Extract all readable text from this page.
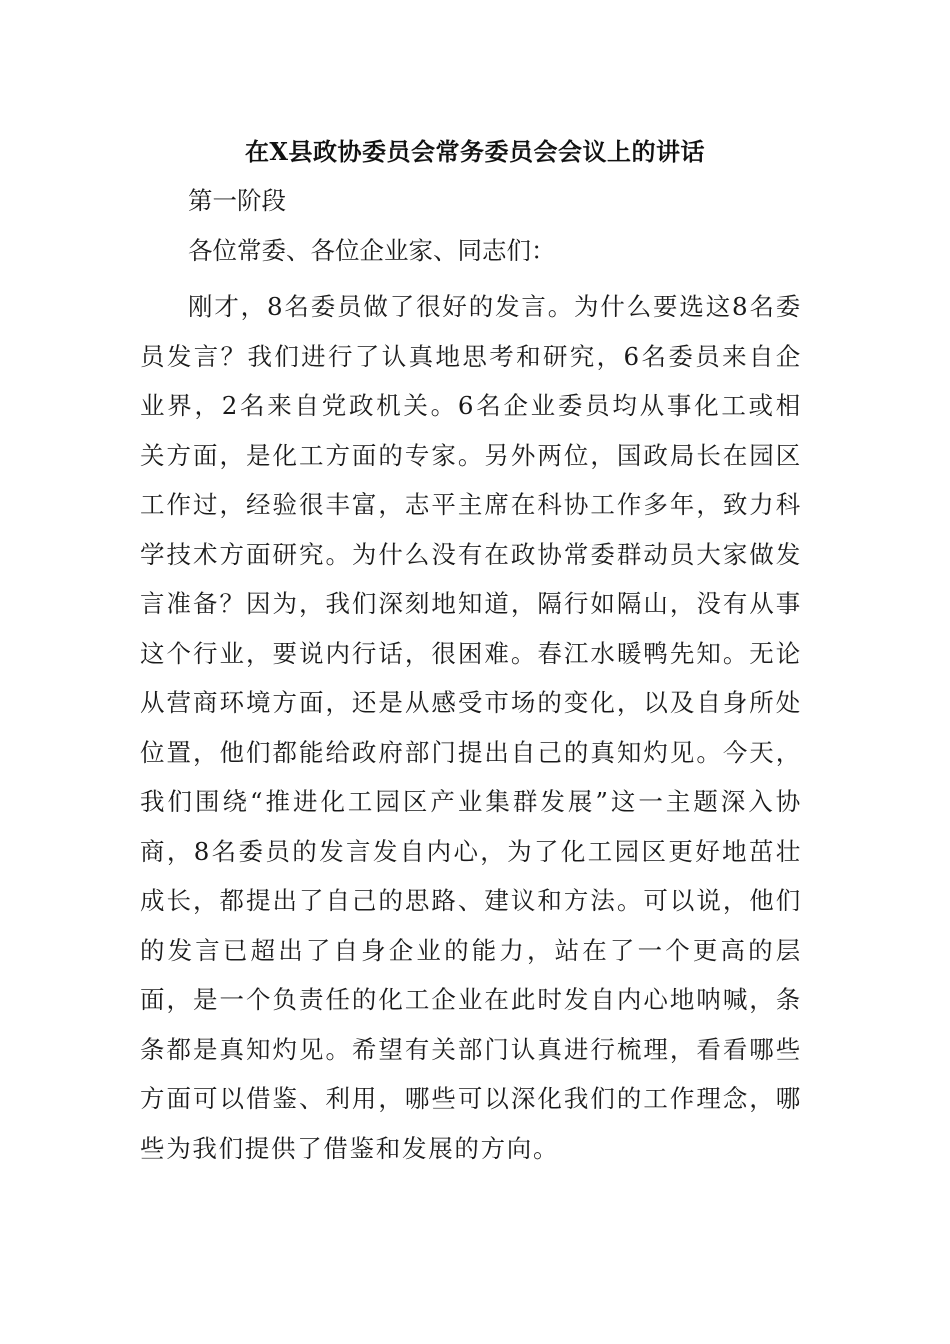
在X县政协委员会常务委员会会议上的讲话
第一阶段
各位常委、各位企业家、同志们：

刚才，8名委员做了很好的发言。为什么要选这8名委员发言？我们进行了认真地思考和研究，6名委员来自企业界，2名来自党政机关。6名企业委员均从事化工或相关方面，是化工方面的专家。另外两位，国政局长在园区工作过，经验很丰富，志平主席在科协工作多年，致力科学技术方面研究。为什么没有在政协常委群动员大家做发言准备？因为，我们深刻地知道，隔行如隔山，没有从事这个行业，要说内行话，很困难。春江水暖鸭先知。无论从营商环境方面，还是从感受市场的变化，以及自身所处位置，他们都能给政府部门提出自己的真知灼见。今天，我们围绕“推进化工园区产业集群发展”这一主题深入协商，8名委员的发言发自内心，为了化工园区更好地茁壮成长，都提出了自己的思路、建议和方法。可以说，他们的发言已超出了自身企业的能力，站在了一个更高的层面，是一个负责任的化工企业在此时发自内心地呐喊，条条都是真知灼见。希望有关部门认真进行梳理，看看哪些方面可以借鉴、利用，哪些可以深化我们的工作理念，哪些为我们提供了借鉴和发展的方向。
